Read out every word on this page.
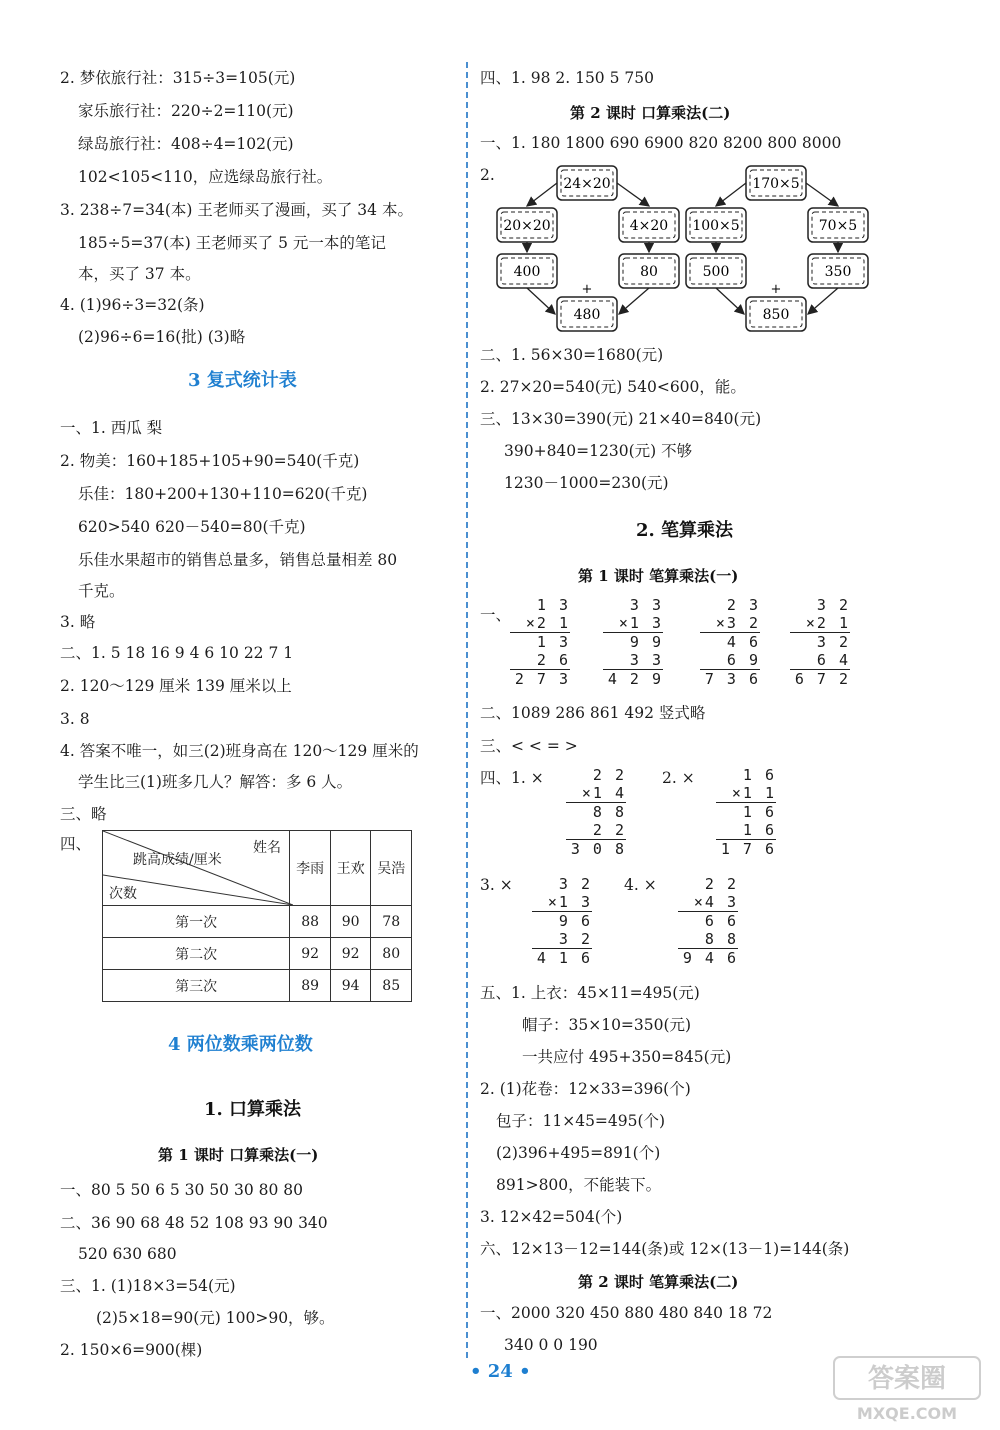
3 复式统计表
姓名
跳高成绩/厘米
次数	李雨	王欢	吴浩
第一次	88	90	78
第二次	92	92	80
第三次	89	94	85
4 两位数乘两位数
1. 口算乘法
第 1 课时 口算乘法(一)
2. 梦依旅行社：315÷3=105(元)
家乐旅行社：220÷2=110(元)
绿岛旅行社：408÷4=102(元)
102<105<110，应选绿岛旅行社。
3. 238÷7=34(本) 王老师买了漫画，买了 34 本。
185÷5=37(本) 王老师买了 5 元一本的笔记
本，买了 37 本。
4. (1)96÷3=32(条)
(2)96÷6=16(批) (3)略
一、1. 西瓜 梨
2. 物美：160+185+105+90=540(千克)
乐佳：180+200+130+110=620(千克)
620>540 620－540=80(千克)
乐佳水果超市的销售总量多，销售总量相差 80
千克。
3. 略
二、1. 5 18 16 9 4 6 10 22 7 1
2. 120～129 厘米 139 厘米以上
3. 8
4. 答案不唯一，如三(2)班身高在 120～129 厘米的
学生比三(1)班多几人？解答：多 6 人。
三、略
四、
一、80 5 50 6 5 30 50 30 80 80
二、36 90 68 48 52 108 93 90 340
520 630 680
三、1. (1)18×3=54(元)
(2)5×18=90(元) 100>90，够。
2. 150×6=900(棵)
第 2 课时 口算乘法(二)
24×20
20×20	4×20
400	80
480
+
170×5
100×5	70×5
500	350
850
+
2. 笔算乘法
第 1 课时 笔算乘法(一)
第 2 课时 笔算乘法(二)
1 3
×2 1
1 3
2 6
2 7 3
3 3
×1 3
9 9
3 3
4 2 9
2 3
×3 2
4 6
6 9
7 3 6
3 2
×2 1
3 2
6 4
6 7 2
2 2
×1 4
8 8
2 2
3 0 8
1 6
×1 1
1 6
1 6
1 7 6
3 2
×1 3
9 6
3 2
4 1 6
2 2
×4 3
6 6
8 8
9 4 6
四、1. 98 2. 150 5 750
一、1. 180 1800 690 6900 820 8200 800 8000
2.
二、1. 56×30=1680(元)
2. 27×20=540(元) 540<600，能。
三、13×30=390(元) 21×40=840(元)
390+840=1230(元) 不够
1230－1000=230(元)
一、
二、1089 286 861 492 竖式略
三、< < = >
四、1. ×	2. ×
3. ×	4. ×
五、1. 上衣：45×11=495(元)
帽子：35×10=350(元)
一共应付 495+350=845(元)
2. (1)花卷：12×33=396(个)
包子：11×45=495(个)
(2)396+495=891(个)
891>800，不能装下。
3. 12×42=504(个)
六、12×13－12=144(条)或 12×(13－1)=144(条)
一、2000 320 450 880 480 840 18 72
340 0 0 190
• 24 •	答案圈
MXQE.COM
